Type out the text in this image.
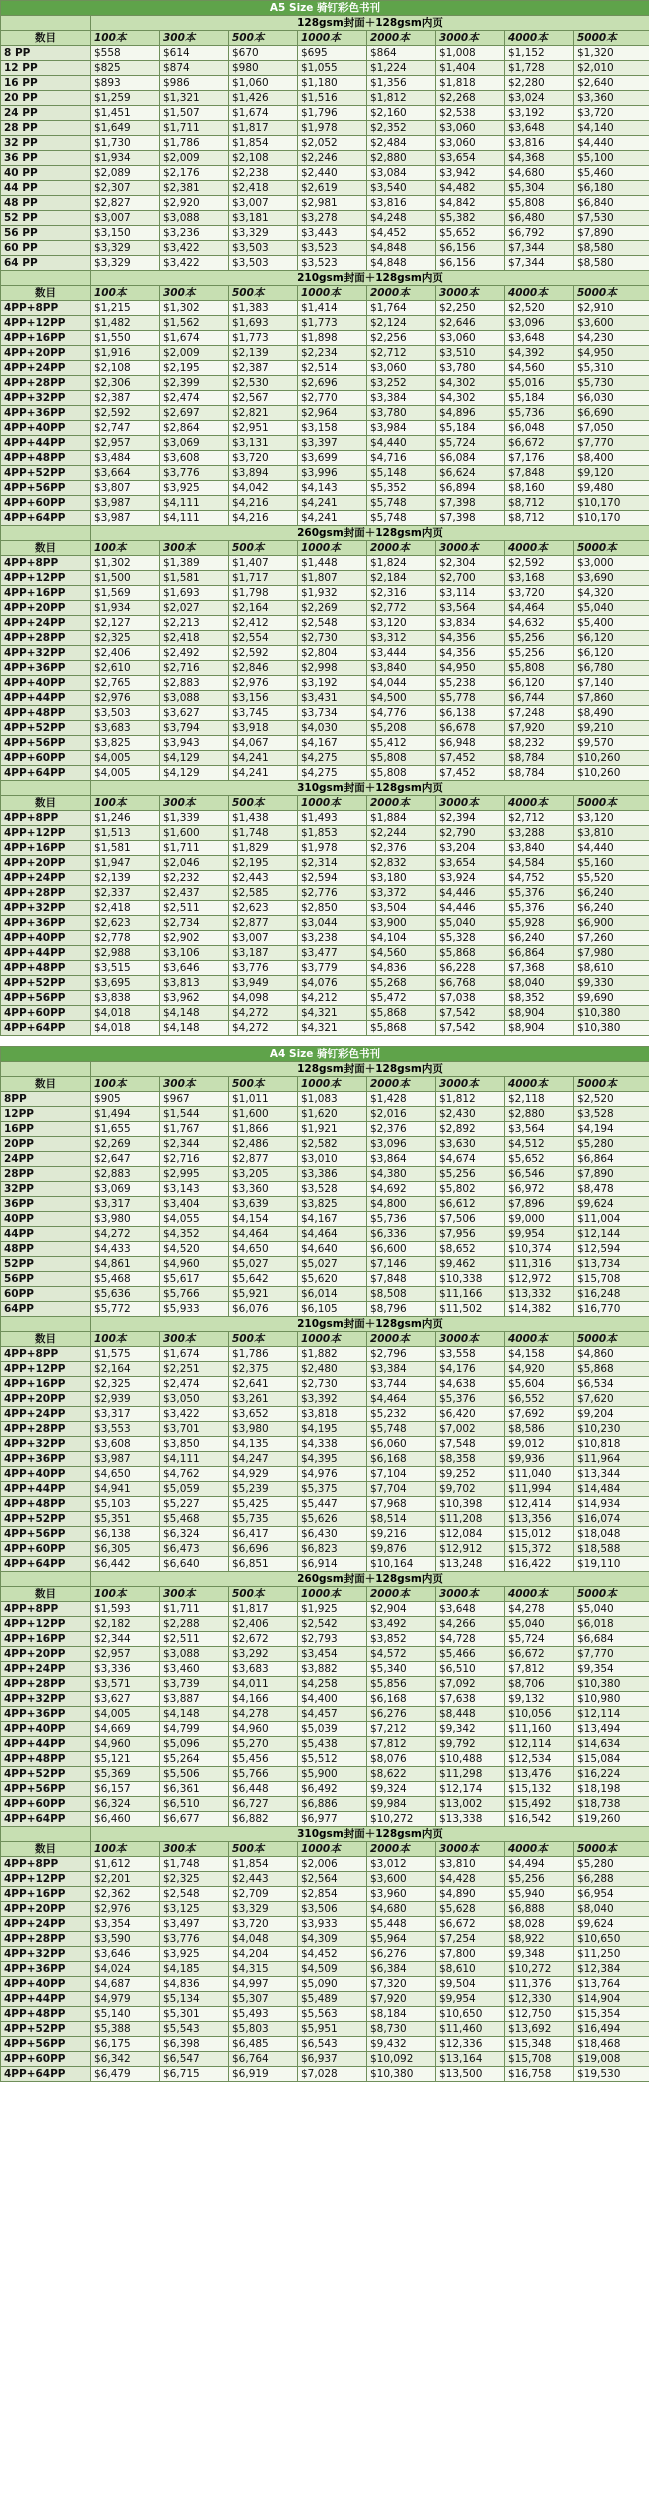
A5 Size 骑钉彩色书刊								
	128gsm封面＋128gsm内页							
数目	100本	300本	500本	1000本	2000本	3000本	4000本	5000本
8 PP	$558	$614	$670	$695	$864	$1,008	$1,152	$1,320
12 PP	$825	$874	$980	$1,055	$1,224	$1,404	$1,728	$2,010
16 PP	$893	$986	$1,060	$1,180	$1,356	$1,818	$2,280	$2,640
20 PP	$1,259	$1,321	$1,426	$1,516	$1,812	$2,268	$3,024	$3,360
24 PP	$1,451	$1,507	$1,674	$1,796	$2,160	$2,538	$3,192	$3,720
28 PP	$1,649	$1,711	$1,817	$1,978	$2,352	$3,060	$3,648	$4,140
32 PP	$1,730	$1,786	$1,854	$2,052	$2,484	$3,060	$3,816	$4,440
36 PP	$1,934	$2,009	$2,108	$2,246	$2,880	$3,654	$4,368	$5,100
40 PP	$2,089	$2,176	$2,238	$2,440	$3,084	$3,942	$4,680	$5,460
44 PP	$2,307	$2,381	$2,418	$2,619	$3,540	$4,482	$5,304	$6,180
48 PP	$2,827	$2,920	$3,007	$2,981	$3,816	$4,842	$5,808	$6,840
52 PP	$3,007	$3,088	$3,181	$3,278	$4,248	$5,382	$6,480	$7,530
56 PP	$3,150	$3,236	$3,329	$3,443	$4,452	$5,652	$6,792	$7,890
60 PP	$3,329	$3,422	$3,503	$3,523	$4,848	$6,156	$7,344	$8,580
64 PP	$3,329	$3,422	$3,503	$3,523	$4,848	$6,156	$7,344	$8,580
	210gsm封面＋128gsm内页							
数目	100本	300本	500本	1000本	2000本	3000本	4000本	5000本
4PP+8PP	$1,215	$1,302	$1,383	$1,414	$1,764	$2,250	$2,520	$2,910
4PP+12PP	$1,482	$1,562	$1,693	$1,773	$2,124	$2,646	$3,096	$3,600
4PP+16PP	$1,550	$1,674	$1,773	$1,898	$2,256	$3,060	$3,648	$4,230
4PP+20PP	$1,916	$2,009	$2,139	$2,234	$2,712	$3,510	$4,392	$4,950
4PP+24PP	$2,108	$2,195	$2,387	$2,514	$3,060	$3,780	$4,560	$5,310
4PP+28PP	$2,306	$2,399	$2,530	$2,696	$3,252	$4,302	$5,016	$5,730
4PP+32PP	$2,387	$2,474	$2,567	$2,770	$3,384	$4,302	$5,184	$6,030
4PP+36PP	$2,592	$2,697	$2,821	$2,964	$3,780	$4,896	$5,736	$6,690
4PP+40PP	$2,747	$2,864	$2,951	$3,158	$3,984	$5,184	$6,048	$7,050
4PP+44PP	$2,957	$3,069	$3,131	$3,397	$4,440	$5,724	$6,672	$7,770
4PP+48PP	$3,484	$3,608	$3,720	$3,699	$4,716	$6,084	$7,176	$8,400
4PP+52PP	$3,664	$3,776	$3,894	$3,996	$5,148	$6,624	$7,848	$9,120
4PP+56PP	$3,807	$3,925	$4,042	$4,143	$5,352	$6,894	$8,160	$9,480
4PP+60PP	$3,987	$4,111	$4,216	$4,241	$5,748	$7,398	$8,712	$10,170
4PP+64PP	$3,987	$4,111	$4,216	$4,241	$5,748	$7,398	$8,712	$10,170
	260gsm封面＋128gsm内页							
数目	100本	300本	500本	1000本	2000本	3000本	4000本	5000本
4PP+8PP	$1,302	$1,389	$1,407	$1,448	$1,824	$2,304	$2,592	$3,000
4PP+12PP	$1,500	$1,581	$1,717	$1,807	$2,184	$2,700	$3,168	$3,690
4PP+16PP	$1,569	$1,693	$1,798	$1,932	$2,316	$3,114	$3,720	$4,320
4PP+20PP	$1,934	$2,027	$2,164	$2,269	$2,772	$3,564	$4,464	$5,040
4PP+24PP	$2,127	$2,213	$2,412	$2,548	$3,120	$3,834	$4,632	$5,400
4PP+28PP	$2,325	$2,418	$2,554	$2,730	$3,312	$4,356	$5,256	$6,120
4PP+32PP	$2,406	$2,492	$2,592	$2,804	$3,444	$4,356	$5,256	$6,120
4PP+36PP	$2,610	$2,716	$2,846	$2,998	$3,840	$4,950	$5,808	$6,780
4PP+40PP	$2,765	$2,883	$2,976	$3,192	$4,044	$5,238	$6,120	$7,140
4PP+44PP	$2,976	$3,088	$3,156	$3,431	$4,500	$5,778	$6,744	$7,860
4PP+48PP	$3,503	$3,627	$3,745	$3,734	$4,776	$6,138	$7,248	$8,490
4PP+52PP	$3,683	$3,794	$3,918	$4,030	$5,208	$6,678	$7,920	$9,210
4PP+56PP	$3,825	$3,943	$4,067	$4,167	$5,412	$6,948	$8,232	$9,570
4PP+60PP	$4,005	$4,129	$4,241	$4,275	$5,808	$7,452	$8,784	$10,260
4PP+64PP	$4,005	$4,129	$4,241	$4,275	$5,808	$7,452	$8,784	$10,260
	310gsm封面＋128gsm内页							
数目	100本	300本	500本	1000本	2000本	3000本	4000本	5000本
4PP+8PP	$1,246	$1,339	$1,438	$1,493	$1,884	$2,394	$2,712	$3,120
4PP+12PP	$1,513	$1,600	$1,748	$1,853	$2,244	$2,790	$3,288	$3,810
4PP+16PP	$1,581	$1,711	$1,829	$1,978	$2,376	$3,204	$3,840	$4,440
4PP+20PP	$1,947	$2,046	$2,195	$2,314	$2,832	$3,654	$4,584	$5,160
4PP+24PP	$2,139	$2,232	$2,443	$2,594	$3,180	$3,924	$4,752	$5,520
4PP+28PP	$2,337	$2,437	$2,585	$2,776	$3,372	$4,446	$5,376	$6,240
4PP+32PP	$2,418	$2,511	$2,623	$2,850	$3,504	$4,446	$5,376	$6,240
4PP+36PP	$2,623	$2,734	$2,877	$3,044	$3,900	$5,040	$5,928	$6,900
4PP+40PP	$2,778	$2,902	$3,007	$3,238	$4,104	$5,328	$6,240	$7,260
4PP+44PP	$2,988	$3,106	$3,187	$3,477	$4,560	$5,868	$6,864	$7,980
4PP+48PP	$3,515	$3,646	$3,776	$3,779	$4,836	$6,228	$7,368	$8,610
4PP+52PP	$3,695	$3,813	$3,949	$4,076	$5,268	$6,768	$8,040	$9,330
4PP+56PP	$3,838	$3,962	$4,098	$4,212	$5,472	$7,038	$8,352	$9,690
4PP+60PP	$4,018	$4,148	$4,272	$4,321	$5,868	$7,542	$8,904	$10,380
4PP+64PP	$4,018	$4,148	$4,272	$4,321	$5,868	$7,542	$8,904	$10,380
A4 Size 骑钉彩色书刊								
	128gsm封面＋128gsm内页							
数目	100本	300本	500本	1000本	2000本	3000本	4000本	5000本
8PP	$905	$967	$1,011	$1,083	$1,428	$1,812	$2,118	$2,520
12PP	$1,494	$1,544	$1,600	$1,620	$2,016	$2,430	$2,880	$3,528
16PP	$1,655	$1,767	$1,866	$1,921	$2,376	$2,892	$3,564	$4,194
20PP	$2,269	$2,344	$2,486	$2,582	$3,096	$3,630	$4,512	$5,280
24PP	$2,647	$2,716	$2,877	$3,010	$3,864	$4,674	$5,652	$6,864
28PP	$2,883	$2,995	$3,205	$3,386	$4,380	$5,256	$6,546	$7,890
32PP	$3,069	$3,143	$3,360	$3,528	$4,692	$5,802	$6,972	$8,478
36PP	$3,317	$3,404	$3,639	$3,825	$4,800	$6,612	$7,896	$9,624
40PP	$3,980	$4,055	$4,154	$4,167	$5,736	$7,506	$9,000	$11,004
44PP	$4,272	$4,352	$4,464	$4,464	$6,336	$7,956	$9,954	$12,144
48PP	$4,433	$4,520	$4,650	$4,640	$6,600	$8,652	$10,374	$12,594
52PP	$4,861	$4,960	$5,027	$5,027	$7,146	$9,462	$11,316	$13,734
56PP	$5,468	$5,617	$5,642	$5,620	$7,848	$10,338	$12,972	$15,708
60PP	$5,636	$5,766	$5,921	$6,014	$8,508	$11,166	$13,332	$16,248
64PP	$5,772	$5,933	$6,076	$6,105	$8,796	$11,502	$14,382	$16,770
	210gsm封面＋128gsm内页							
数目	100本	300本	500本	1000本	2000本	3000本	4000本	5000本
4PP+8PP	$1,575	$1,674	$1,786	$1,882	$2,796	$3,558	$4,158	$4,860
4PP+12PP	$2,164	$2,251	$2,375	$2,480	$3,384	$4,176	$4,920	$5,868
4PP+16PP	$2,325	$2,474	$2,641	$2,730	$3,744	$4,638	$5,604	$6,534
4PP+20PP	$2,939	$3,050	$3,261	$3,392	$4,464	$5,376	$6,552	$7,620
4PP+24PP	$3,317	$3,422	$3,652	$3,818	$5,232	$6,420	$7,692	$9,204
4PP+28PP	$3,553	$3,701	$3,980	$4,195	$5,748	$7,002	$8,586	$10,230
4PP+32PP	$3,608	$3,850	$4,135	$4,338	$6,060	$7,548	$9,012	$10,818
4PP+36PP	$3,987	$4,111	$4,247	$4,395	$6,168	$8,358	$9,936	$11,964
4PP+40PP	$4,650	$4,762	$4,929	$4,976	$7,104	$9,252	$11,040	$13,344
4PP+44PP	$4,941	$5,059	$5,239	$5,375	$7,704	$9,702	$11,994	$14,484
4PP+48PP	$5,103	$5,227	$5,425	$5,447	$7,968	$10,398	$12,414	$14,934
4PP+52PP	$5,351	$5,468	$5,735	$5,626	$8,514	$11,208	$13,356	$16,074
4PP+56PP	$6,138	$6,324	$6,417	$6,430	$9,216	$12,084	$15,012	$18,048
4PP+60PP	$6,305	$6,473	$6,696	$6,823	$9,876	$12,912	$15,372	$18,588
4PP+64PP	$6,442	$6,640	$6,851	$6,914	$10,164	$13,248	$16,422	$19,110
	260gsm封面＋128gsm内页							
数目	100本	300本	500本	1000本	2000本	3000本	4000本	5000本
4PP+8PP	$1,593	$1,711	$1,817	$1,925	$2,904	$3,648	$4,278	$5,040
4PP+12PP	$2,182	$2,288	$2,406	$2,542	$3,492	$4,266	$5,040	$6,018
4PP+16PP	$2,344	$2,511	$2,672	$2,793	$3,852	$4,728	$5,724	$6,684
4PP+20PP	$2,957	$3,088	$3,292	$3,454	$4,572	$5,466	$6,672	$7,770
4PP+24PP	$3,336	$3,460	$3,683	$3,882	$5,340	$6,510	$7,812	$9,354
4PP+28PP	$3,571	$3,739	$4,011	$4,258	$5,856	$7,092	$8,706	$10,380
4PP+32PP	$3,627	$3,887	$4,166	$4,400	$6,168	$7,638	$9,132	$10,980
4PP+36PP	$4,005	$4,148	$4,278	$4,457	$6,276	$8,448	$10,056	$12,114
4PP+40PP	$4,669	$4,799	$4,960	$5,039	$7,212	$9,342	$11,160	$13,494
4PP+44PP	$4,960	$5,096	$5,270	$5,438	$7,812	$9,792	$12,114	$14,634
4PP+48PP	$5,121	$5,264	$5,456	$5,512	$8,076	$10,488	$12,534	$15,084
4PP+52PP	$5,369	$5,506	$5,766	$5,900	$8,622	$11,298	$13,476	$16,224
4PP+56PP	$6,157	$6,361	$6,448	$6,492	$9,324	$12,174	$15,132	$18,198
4PP+60PP	$6,324	$6,510	$6,727	$6,886	$9,984	$13,002	$15,492	$18,738
4PP+64PP	$6,460	$6,677	$6,882	$6,977	$10,272	$13,338	$16,542	$19,260
	310gsm封面＋128gsm内页							
数目	100本	300本	500本	1000本	2000本	3000本	4000本	5000本
4PP+8PP	$1,612	$1,748	$1,854	$2,006	$3,012	$3,810	$4,494	$5,280
4PP+12PP	$2,201	$2,325	$2,443	$2,564	$3,600	$4,428	$5,256	$6,288
4PP+16PP	$2,362	$2,548	$2,709	$2,854	$3,960	$4,890	$5,940	$6,954
4PP+20PP	$2,976	$3,125	$3,329	$3,506	$4,680	$5,628	$6,888	$8,040
4PP+24PP	$3,354	$3,497	$3,720	$3,933	$5,448	$6,672	$8,028	$9,624
4PP+28PP	$3,590	$3,776	$4,048	$4,309	$5,964	$7,254	$8,922	$10,650
4PP+32PP	$3,646	$3,925	$4,204	$4,452	$6,276	$7,800	$9,348	$11,250
4PP+36PP	$4,024	$4,185	$4,315	$4,509	$6,384	$8,610	$10,272	$12,384
4PP+40PP	$4,687	$4,836	$4,997	$5,090	$7,320	$9,504	$11,376	$13,764
4PP+44PP	$4,979	$5,134	$5,307	$5,489	$7,920	$9,954	$12,330	$14,904
4PP+48PP	$5,140	$5,301	$5,493	$5,563	$8,184	$10,650	$12,750	$15,354
4PP+52PP	$5,388	$5,543	$5,803	$5,951	$8,730	$11,460	$13,692	$16,494
4PP+56PP	$6,175	$6,398	$6,485	$6,543	$9,432	$12,336	$15,348	$18,468
4PP+60PP	$6,342	$6,547	$6,764	$6,937	$10,092	$13,164	$15,708	$19,008
4PP+64PP	$6,479	$6,715	$6,919	$7,028	$10,380	$13,500	$16,758	$19,530
